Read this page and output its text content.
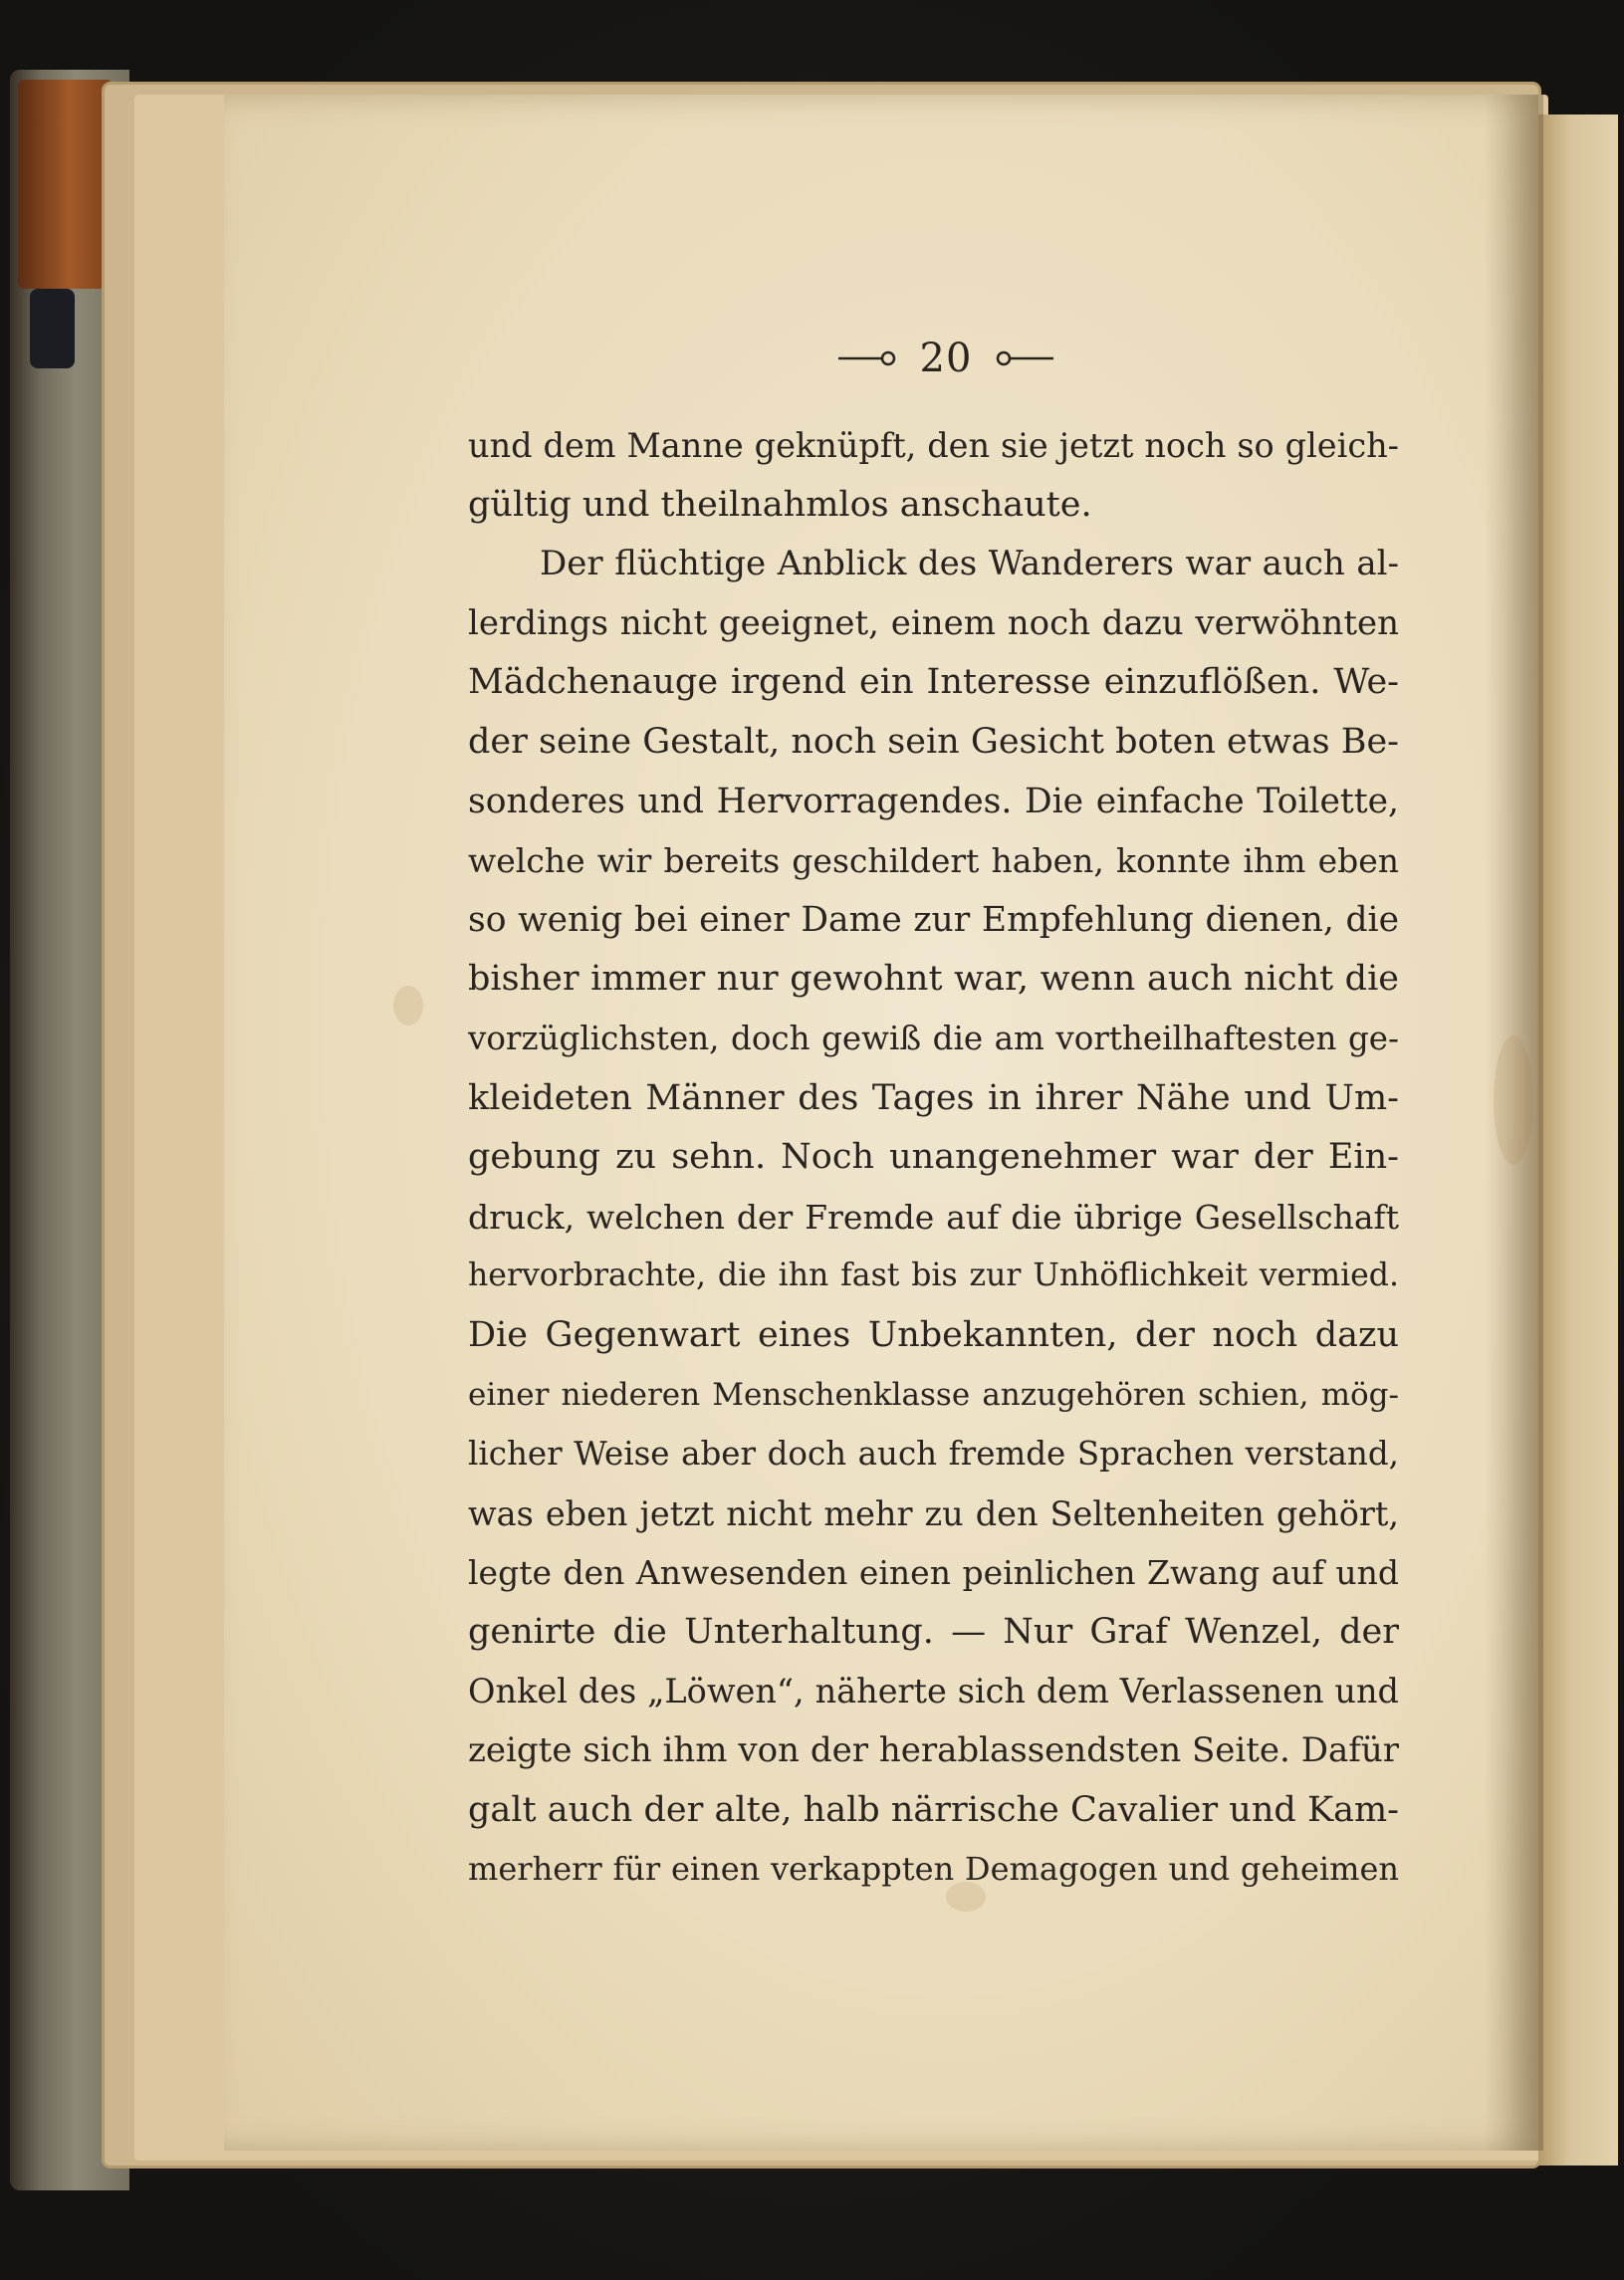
20
und dem Manne geknüpft, den sie jetzt noch so gleich-
gültig und theilnahmlos anschaute.
Der flüchtige Anblick des Wanderers war auch al-
lerdings nicht geeignet, einem noch dazu verwöhnten
Mädchenauge irgend ein Interesse einzuflößen. We-
der seine Gestalt, noch sein Gesicht boten etwas Be-
sonderes und Hervorragendes. Die einfache Toilette,
welche wir bereits geschildert haben, konnte ihm eben
so wenig bei einer Dame zur Empfehlung dienen, die
bisher immer nur gewohnt war, wenn auch nicht die
vorzüglichsten, doch gewiß die am vortheilhaftesten ge-
kleideten Männer des Tages in ihrer Nähe und Um-
gebung zu sehn. Noch unangenehmer war der Ein-
druck, welchen der Fremde auf die übrige Gesellschaft
hervorbrachte, die ihn fast bis zur Unhöflichkeit vermied.
Die Gegenwart eines Unbekannten, der noch dazu
einer niederen Menschenklasse anzugehören schien, mög-
licher Weise aber doch auch fremde Sprachen verstand,
was eben jetzt nicht mehr zu den Seltenheiten gehört,
legte den Anwesenden einen peinlichen Zwang auf und
genirte die Unterhaltung. — Nur Graf Wenzel, der
Onkel des „Löwen“, näherte sich dem Verlassenen und
zeigte sich ihm von der herablassendsten Seite. Dafür
galt auch der alte, halb närrische Cavalier und Kam-
merherr für einen verkappten Demagogen und geheimen
